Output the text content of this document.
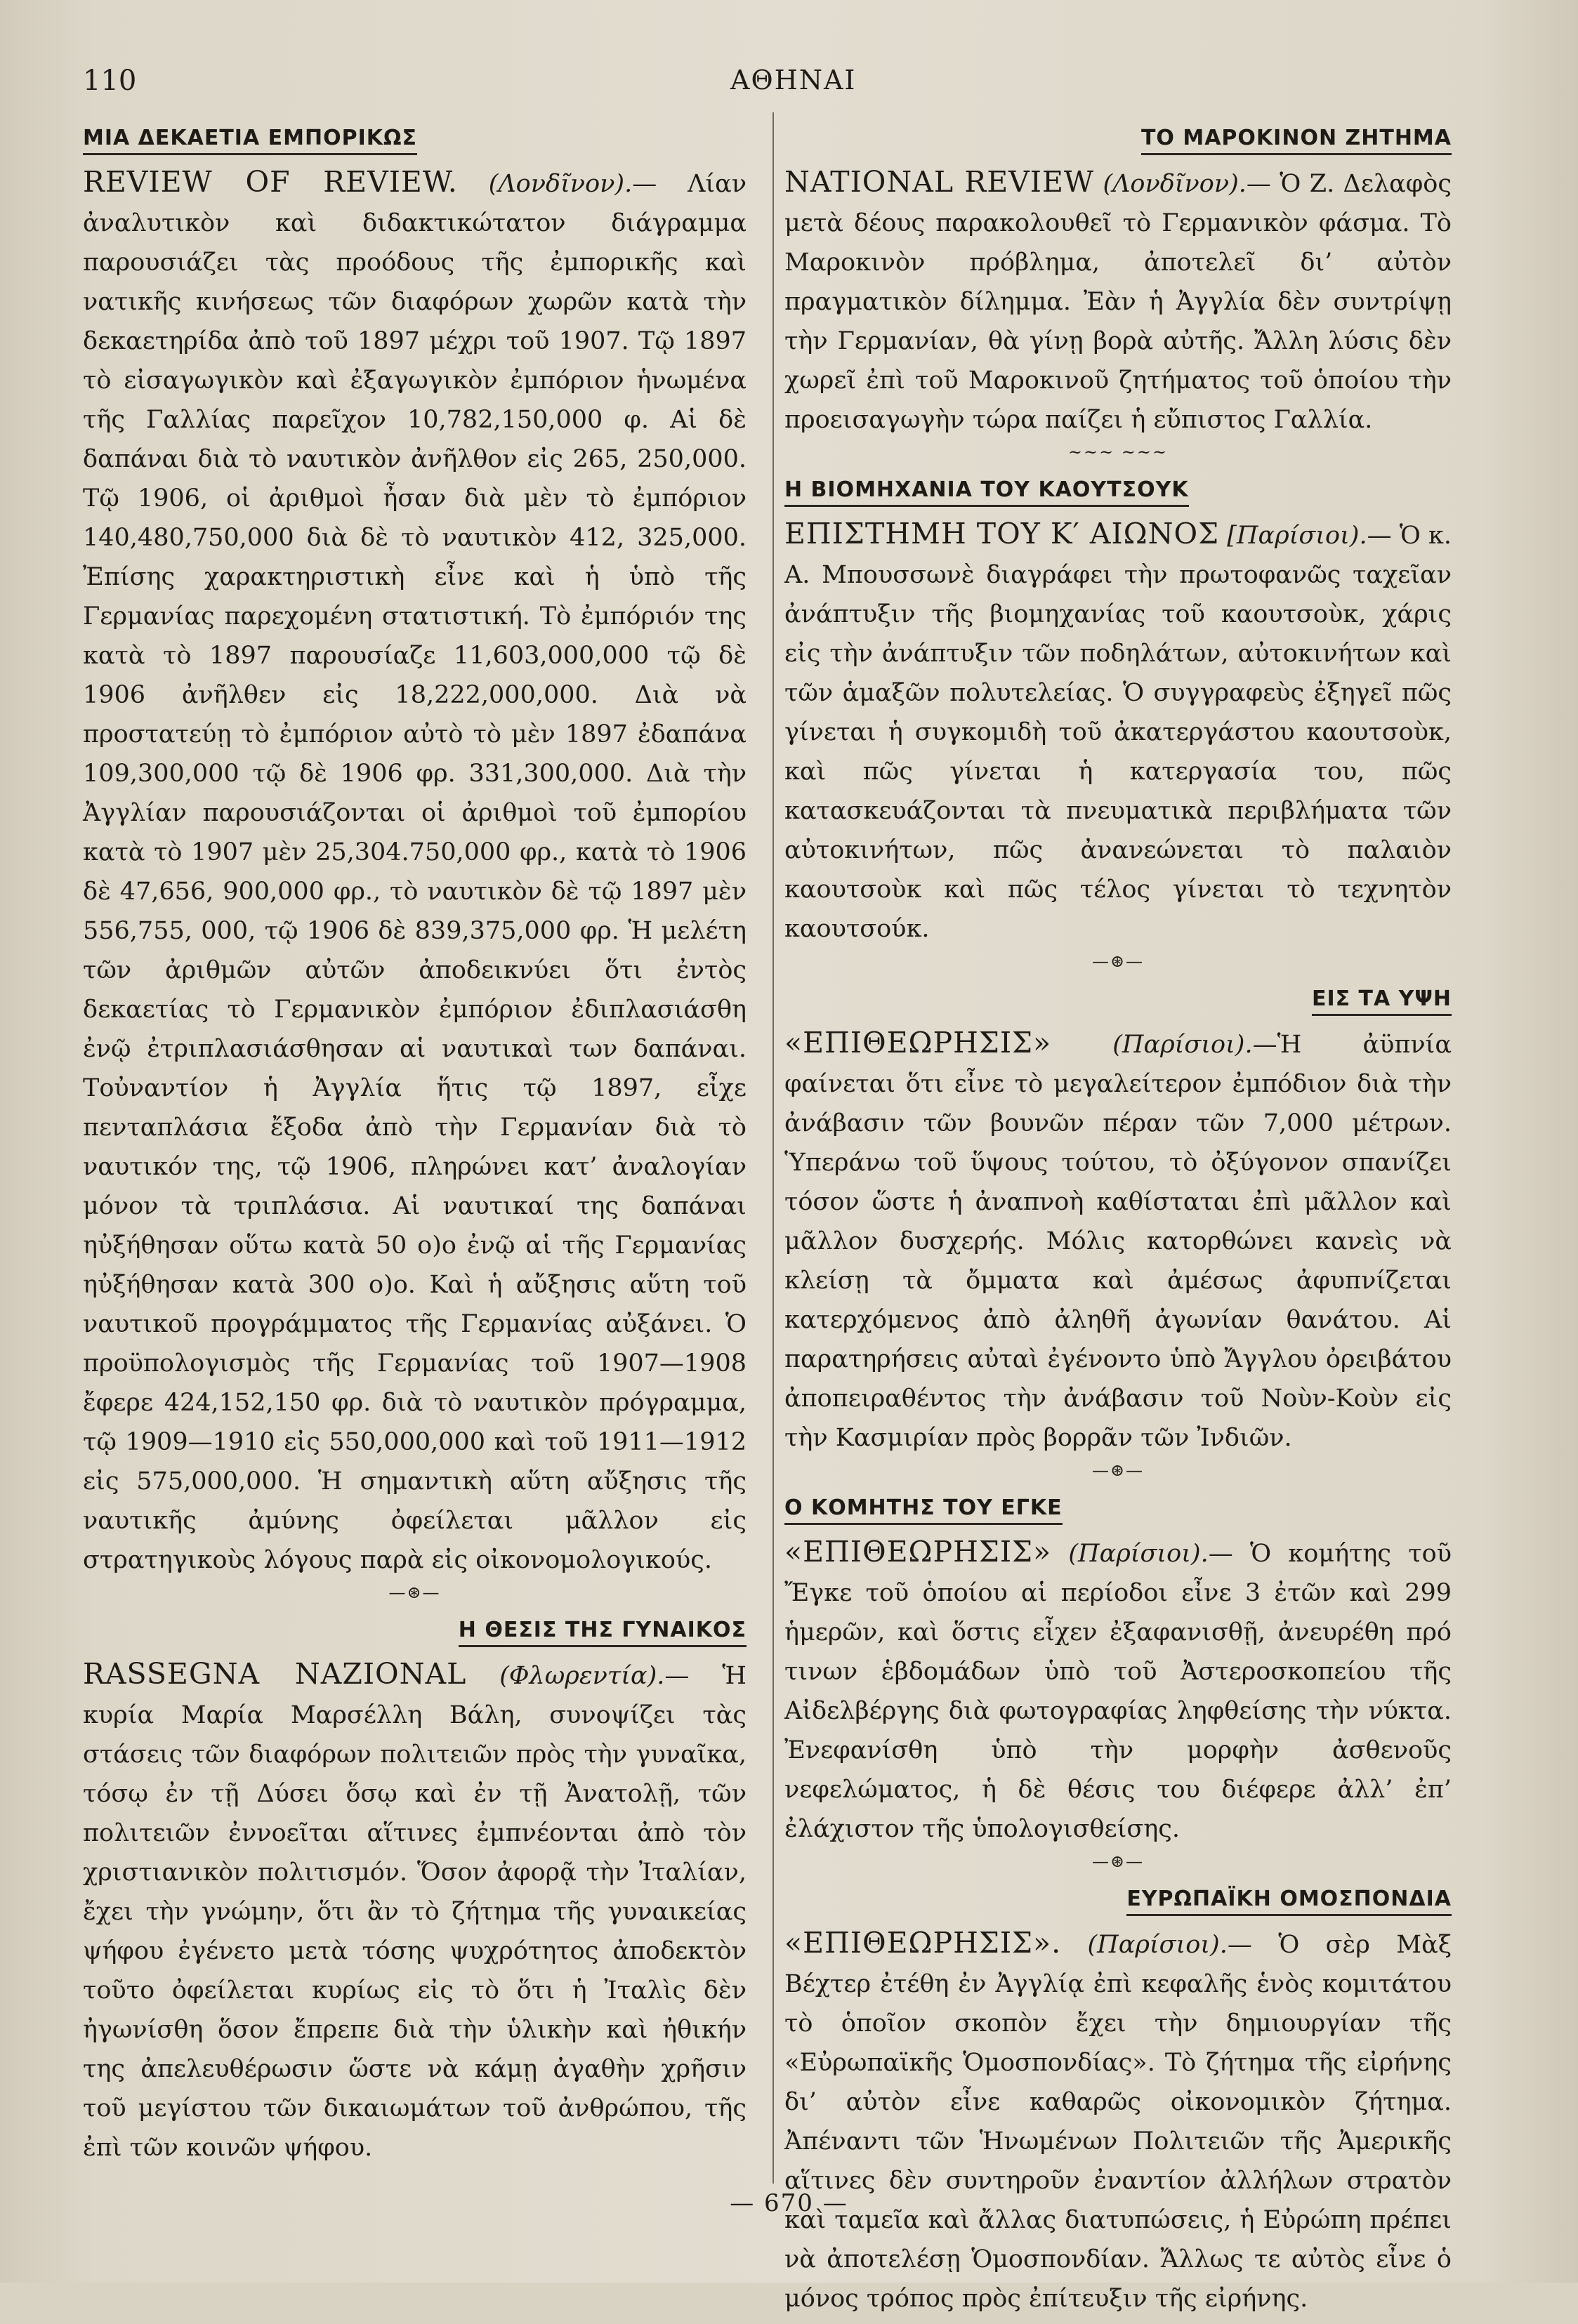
110	ΑΘΗΝΑΙ
ΜΙΑ ΔΕΚΑΕΤΙΑ ΕΜΠΟΡΙΚΩΣ

REVIEW OF REVIEW. (Λονδῖνον).— Λίαν ἀναλυτικὸν καὶ διδακτικώτατον διάγραμμα παρουσιάζει τὰς προόδους τῆς ἐμπορικῆς καὶ νατικῆς κινήσεως τῶν διαφόρων χωρῶν κατὰ τὴν δεκαετηρίδα ἀπὸ τοῦ 1897 μέχρι τοῦ 1907. Τῷ 1897 τὸ εἰσαγωγικὸν καὶ ἐξαγωγικὸν ἐμπόριον ἡνωμένα τῆς Γαλλίας παρεῖχον 10,782,150,000 φ. Αἱ δὲ δαπάναι διὰ τὸ ναυτικὸν ἀνῆλθον εἰς 265, 250,000. Τῷ 1906, οἱ ἀριθμοὶ ἦσαν διὰ μὲν τὸ ἐμπόριον 140,480,750,000 διὰ δὲ τὸ ναυτικὸν 412, 325,000. Ἐπίσης χαρακτηριστικὴ εἶνε καὶ ἡ ὑπὸ τῆς Γερμανίας παρεχομένη στατιστική. Τὸ ἐμπόριόν της κατὰ τὸ 1897 παρουσίαζε 11,603,000,000 τῷ δὲ 1906 ἀνῆλθεν εἰς 18,222,000,000. Διὰ νὰ προστατεύῃ τὸ ἐμπόριον αὐτὸ τὸ μὲν 1897 ἐδαπάνα 109,300,000 τῷ δὲ 1906 φρ. 331,300,000. Διὰ τὴν Ἀγγλίαν παρουσιάζονται οἱ ἀριθμοὶ τοῦ ἐμπορίου κατὰ τὸ 1907 μὲν 25,304.750,000 φρ., κατὰ τὸ 1906 δὲ 47,656, 900,000 φρ., τὸ ναυτικὸν δὲ τῷ 1897 μὲν 556,755, 000, τῷ 1906 δὲ 839,375,000 φρ. Ἡ μελέτη τῶν ἀριθμῶν αὐτῶν ἀποδεικνύει ὅτι ἐντὸς δεκαετίας τὸ Γερμανικὸν ἐμπόριον ἐδιπλασιάσθη ἐνῷ ἐτριπλασιάσθησαν αἱ ναυτικαὶ των δαπάναι. Τοὐναντίον ἡ Ἀγγλία ἥτις τῷ 1897, εἶχε πενταπλάσια ἔξοδα ἀπὸ τὴν Γερμανίαν διὰ τὸ ναυτικόν της, τῷ 1906, πληρώνει κατ’ ἀναλογίαν μόνον τὰ τριπλάσια. Αἱ ναυτικαί της δαπάναι ηὐξήθησαν οὕτω κατὰ 50 ο)ο ἐνῷ αἱ τῆς Γερμανίας ηὐξήθησαν κατὰ 300 ο)ο. Καὶ ἡ αὔξησις αὕτη τοῦ ναυτικοῦ προγράμματος τῆς Γερμανίας αὐξάνει. Ὁ προϋπολογισμὸς τῆς Γερμανίας τοῦ 1907—1908 ἔφερε 424,152,150 φρ. διὰ τὸ ναυτικὸν πρόγραμμα, τῷ 1909—1910 εἰς 550,000,000 καὶ τοῦ 1911—1912 εἰς 575,000,000. Ἡ σημαντικὴ αὕτη αὔξησις τῆς ναυτικῆς ἀμύνης ὀφείλεται μᾶλλον εἰς στρατηγικοὺς λόγους παρὰ εἰς οἰκονομολογικούς.

—⊛—
Η ΘΕΣΙΣ ΤΗΣ ΓΥΝΑΙΚΟΣ

RASSEGNA NAZIONAL (Φλωρεντία).— Ἡ κυρία Μαρία Μαρσέλλη Βάλη, συνοψίζει τὰς στάσεις τῶν διαφόρων πολιτειῶν πρὸς τὴν γυναῖκα, τόσῳ ἐν τῇ Δύσει ὅσῳ καὶ ἐν τῇ Ἀνατολῇ, τῶν πολιτειῶν ἐννοεῖται αἵτινες ἐμπνέονται ἀπὸ τὸν χριστιανικὸν πολιτισμόν. Ὅσον ἀφορᾷ τὴν Ἰταλίαν, ἔχει τὴν γνώμην, ὅτι ἂν τὸ ζήτημα τῆς γυναικείας ψήφου ἐγένετο μετὰ τόσης ψυχρότητος ἀποδεκτὸν τοῦτο ὀφείλεται κυρίως εἰς τὸ ὅτι ἡ Ἰταλὶς δὲν ἠγωνίσθη ὅσον ἔπρεπε διὰ τὴν ὑλικὴν καὶ ἠθικήν της ἀπελευθέρωσιν ὥστε νὰ κάμῃ ἀγαθὴν χρῆσιν τοῦ μεγίστου τῶν δικαιωμάτων τοῦ ἀνθρώπου, τῆς ἐπὶ τῶν κοινῶν ψήφου.

ΤΟ ΜΑΡΟΚΙΝΟΝ ΖΗΤΗΜΑ

NATIONAL REVIEW (Λονδῖνον).— Ὁ Ζ. Δελαφὸς μετὰ δέους παρακολουθεῖ τὸ Γερμανικὸν φάσμα. Τὸ Μαροκινὸν πρόβλημα, ἀποτελεῖ δι’ αὐτὸν πραγματικὸν δίλημμα. Ἐὰν ἡ Ἀγγλία δὲν συντρίψῃ τὴν Γερμανίαν, θὰ γίνῃ βορὰ αὐτῆς. Ἄλλη λύσις δὲν χωρεῖ ἐπὶ τοῦ Μαροκινοῦ ζητήματος τοῦ ὁποίου τὴν προεισαγωγὴν τώρα παίζει ἡ εὔπιστος Γαλλία.

~~~ ~~~
Η ΒΙΟΜΗΧΑΝΙΑ ΤΟΥ ΚΑΟΥΤΣΟΥΚ

ΕΠΙΣΤΗΜΗ ΤΟΥ Κ′ ΑΙΩΝΟΣ [Παρίσιοι).— Ὁ κ. Α. Μπουσσωνὲ διαγράφει τὴν πρωτοφανῶς ταχεῖαν ἀνάπτυξιν τῆς βιομηχανίας τοῦ καουτσοὺκ, χάρις εἰς τὴν ἀνάπτυξιν τῶν ποδηλάτων, αὐτοκινήτων καὶ τῶν ἁμαξῶν πολυτελείας. Ὁ συγγραφεὺς ἐξηγεῖ πῶς γίνεται ἡ συγκομιδὴ τοῦ ἀκατεργάστου καουτσοὺκ, καὶ πῶς γίνεται ἡ κατεργασία του, πῶς κατασκευάζονται τὰ πνευματικὰ περιβλήματα τῶν αὐτοκινήτων, πῶς ἀνανεώνεται τὸ παλαιὸν καουτσοὺκ καὶ πῶς τέλος γίνεται τὸ τεχνητὸν καουτσούκ.

—⊛—
ΕΙΣ ΤΑ ΥΨΗ

«ΕΠΙΘΕΩΡΗΣΙΣ» (Παρίσιοι).—Ἡ ἀϋπνία φαίνεται ὅτι εἶνε τὸ μεγαλείτερον ἐμπόδιον διὰ τὴν ἀνάβασιν τῶν βουνῶν πέραν τῶν 7,000 μέτρων. Ὑπεράνω τοῦ ὕψους τούτου, τὸ ὀξύγονον σπανίζει τόσον ὥστε ἡ ἀναπνοὴ καθίσταται ἐπὶ μᾶλλον καὶ μᾶλλον δυσχερής. Μόλις κατορθώνει κανεὶς νὰ κλείσῃ τὰ ὄμματα καὶ ἀμέσως ἀφυπνίζεται κατερχόμενος ἀπὸ ἀληθῆ ἀγωνίαν θανάτου. Αἱ παρατηρήσεις αὐταὶ ἐγένοντο ὑπὸ Ἄγγλου ὀρειβάτου ἀποπειραθέντος τὴν ἀνάβασιν τοῦ Νοὺν-Κοὺν εἰς τὴν Κασμιρίαν πρὸς βορρᾶν τῶν Ἰνδιῶν.

—⊛—
Ο ΚΟΜΗΤΗΣ ΤΟΥ ΕΓΚΕ

«ΕΠΙΘΕΩΡΗΣΙΣ» (Παρίσιοι).— Ὁ κομήτης τοῦ Ἔγκε τοῦ ὁποίου αἱ περίοδοι εἶνε 3 ἐτῶν καὶ 299 ἡμερῶν, καὶ ὅστις εἶχεν ἐξαφανισθῇ, ἀνευρέθη πρό τινων ἑβδομάδων ὑπὸ τοῦ Ἀστεροσκοπείου τῆς Αἰδελβέργης διὰ φωτογραφίας ληφθείσης τὴν νύκτα. Ἐνεφανίσθη ὑπὸ τὴν μορφὴν ἀσθενοῦς νεφελώματος, ἡ δὲ θέσις του διέφερε ἀλλ’ ἐπ’ ἐλάχιστον τῆς ὑπολογισθείσης.

—⊛—
ΕΥΡΩΠΑΪΚΗ ΟΜΟΣΠΟΝΔΙΑ

«ΕΠΙΘΕΩΡΗΣΙΣ». (Παρίσιοι).— Ὁ σὲρ Μὰξ Βέχτερ ἐτέθη ἐν Ἀγγλίᾳ ἐπὶ κεφαλῆς ἑνὸς κομιτάτου τὸ ὁποῖον σκοπὸν ἔχει τὴν δημιουργίαν τῆς «Εὐρωπαϊκῆς Ὁμοσπονδίας». Τὸ ζήτημα τῆς εἰρήνης δι’ αὐτὸν εἶνε καθαρῶς οἰκονομικὸν ζήτημα. Ἀπέναντι τῶν Ἡνωμένων Πολιτειῶν τῆς Ἀμερικῆς αἵτινες δὲν συντηροῦν ἐναντίον ἀλλήλων στρατὸν καὶ ταμεῖα καὶ ἄλλας διατυπώσεις, ἡ Εὐρώπη πρέπει νὰ ἀποτελέσῃ Ὁμοσπονδίαν. Ἄλλως τε αὐτὸς εἶνε ὁ μόνος τρόπος πρὸς ἐπίτευξιν τῆς εἰρήνης.

— 670 —
